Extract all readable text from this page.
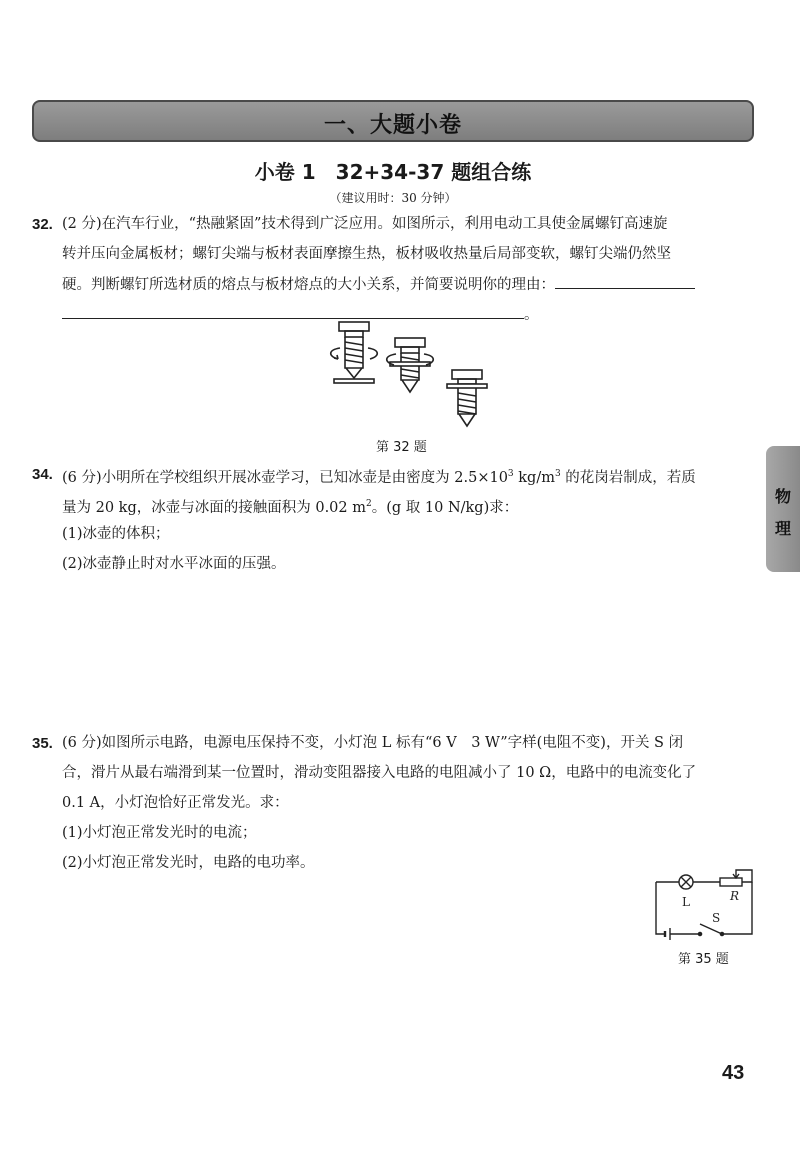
一、大题小卷
小卷 1　32+34-37 题组合练
（建议用时：30 分钟）
32. (2 分)在汽车行业，“热融紧固”技术得到广泛应用。如图所示，利用电动工具使金属螺钉高速旋
转并压向金属板材；螺钉尖端与板材表面摩擦生热，板材吸收热量后局部变软，螺钉尖端仍然坚
硬。判断螺钉所选材质的熔点与板材熔点的大小关系，并简要说明你的理由：
。
第 32 题
34. (6 分)小明所在学校组织开展冰壶学习，已知冰壶是由密度为 $2.5\times 10^3$ $kg/m^3$ 的花岗岩制成，若质
量为 20 kg，冰壶与冰面的接触面积为 0.02 $m^2$。(g 取 10 N/kg)求：
(1)冰壶的体积；
(2)冰壶静止时对水平冰面的压强。
35. (6 分)如图所示电路，电源电压保持不变，小灯泡 L 标有“6 V　3 W”字样(电阻不变)，开关 S 闭
合，滑片从最右端滑到某一位置时，滑动变阻器接入电路的电阻减小了 10 Ω，电路中的电流变化了
0.1 A，小灯泡恰好正常发光。求：
(1)小灯泡正常发光时的电流；
(2)小灯泡正常发光时，电路的电功率。
L	R
S
第 35 题
物
理
43
